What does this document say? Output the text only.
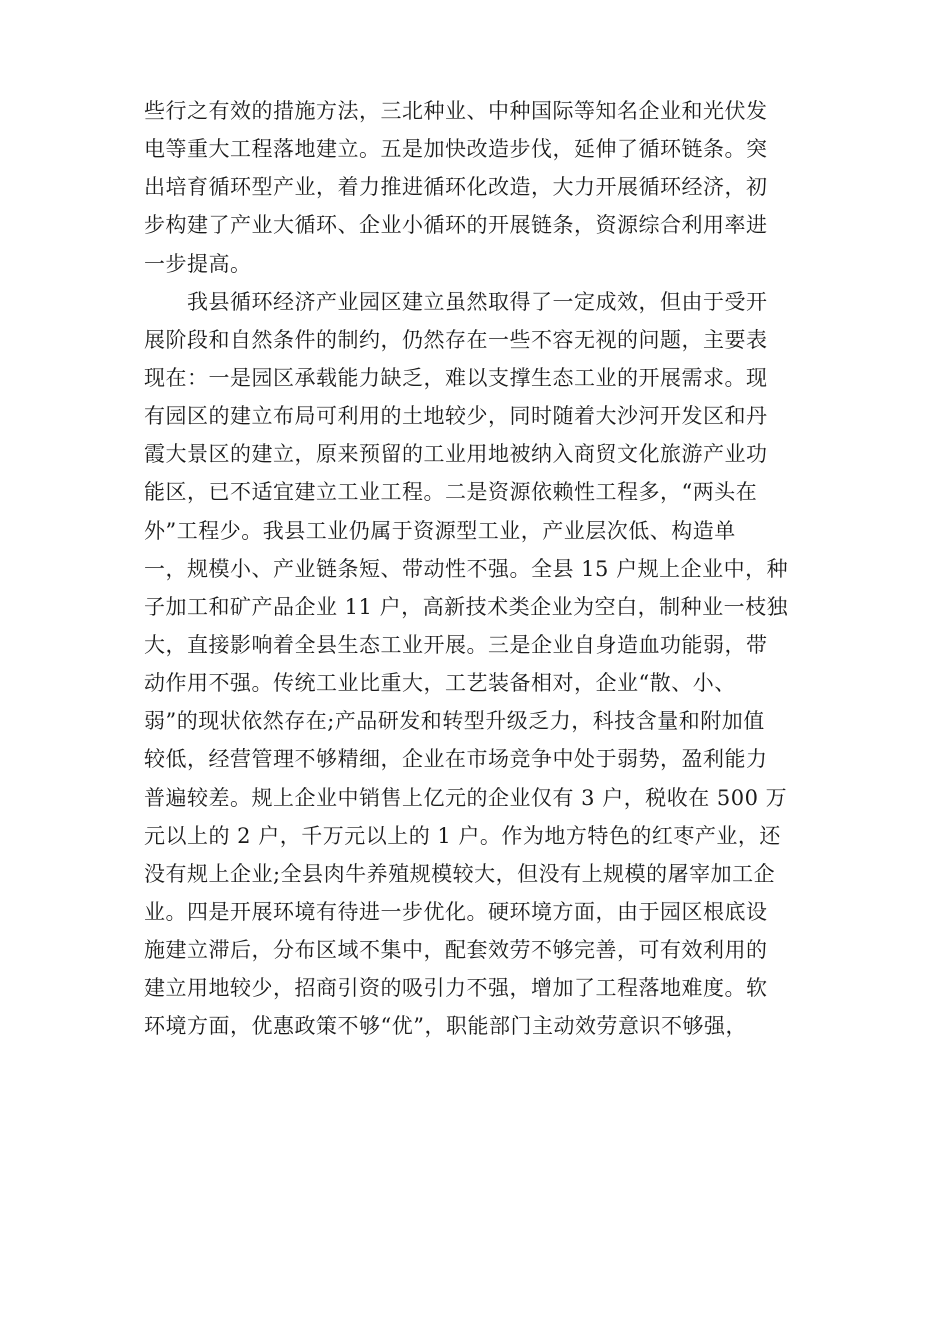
些行之有效的措施方法，三北种业、中种国际等知名企业和光伏发
电等重大工程落地建立。五是加快改造步伐，延伸了循环链条。突
出培育循环型产业，着力推进循环化改造，大力开展循环经济，初
步构建了产业大循环、企业小循环的开展链条，资源综合利用率进
一步提高。
　　我县循环经济产业园区建立虽然取得了一定成效，但由于受开
展阶段和自然条件的制约，仍然存在一些不容无视的问题，主要表
现在：一是园区承载能力缺乏，难以支撑生态工业的开展需求。现
有园区的建立布局可利用的土地较少，同时随着大沙河开发区和丹
霞大景区的建立，原来预留的工业用地被纳入商贸文化旅游产业功
能区，已不适宜建立工业工程。二是资源依赖性工程多，“两头在
外”工程少。我县工业仍属于资源型工业，产业层次低、构造单
一，规模小、产业链条短、带动性不强。全县 15 户规上企业中，种
子加工和矿产品企业 11 户，高新技术类企业为空白，制种业一枝独
大，直接影响着全县生态工业开展。三是企业自身造血功能弱，带
动作用不强。传统工业比重大，工艺装备相对，企业“散、小、
弱”的现状依然存在;产品研发和转型升级乏力，科技含量和附加值
较低，经营管理不够精细，企业在市场竞争中处于弱势，盈利能力
普遍较差。规上企业中销售上亿元的企业仅有 3 户，税收在 500 万
元以上的 2 户，千万元以上的 1 户。作为地方特色的红枣产业，还
没有规上企业;全县肉牛养殖规模较大，但没有上规模的屠宰加工企
业。四是开展环境有待进一步优化。硬环境方面，由于园区根底设
施建立滞后，分布区域不集中，配套效劳不够完善，可有效利用的
建立用地较少，招商引资的吸引力不强，增加了工程落地难度。软
环境方面，优惠政策不够“优”，职能部门主动效劳意识不够强，
